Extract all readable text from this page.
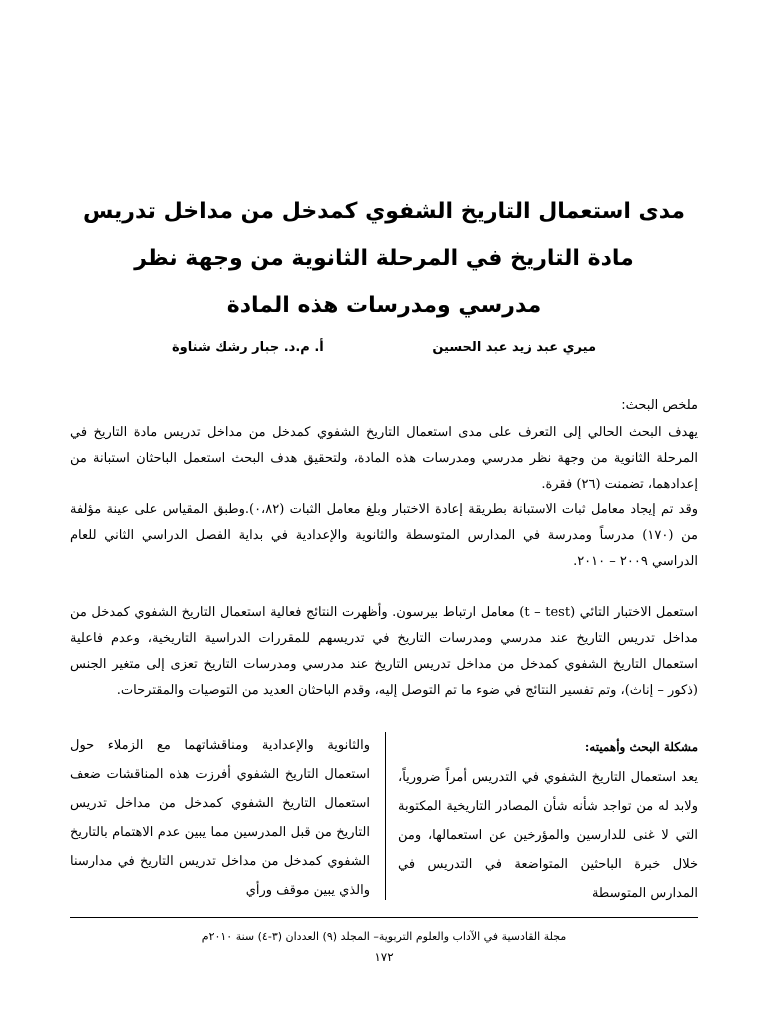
مدى استعمال التاريخ الشفوي كمدخل من مداخل تدريس
مادة التاريخ في المرحلة الثانوية من وجهة نظر
مدرسي ومدرسات هذه المادة
ميري عبد زيد عبد الحسين
أ. م.د. جبار رشك شناوة
ملخص البحث:
يهدف البحث الحالي إلى التعرف على مدى استعمال التاريخ الشفوي كمدخل من مداخل تدريس مادة التاريخ في المرحلة الثانوية من وجهة نظر مدرسي ومدرسات هذه المادة، ولتحقيق هدف البحث استعمل الباحثان استبانة من إعدادهما، تضمنت (٢٦) فقرة.
وقد تم إيجاد معامل ثبات الاستبانة بطريقة إعادة الاختبار وبلغ معامل الثبات (٠،٨٢).وطبق المقياس على عينة مؤلفة من (١٧٠) مدرساً ومدرسة في المدارس المتوسطة والثانوية والإعدادية في بداية الفصل الدراسي الثاني للعام الدراسي ٢٠٠٩ – ٢٠١٠.
استعمل الاختبار التائي (t – test) معامل ارتباط بيرسون. وأظهرت النتائج فعالية استعمال التاريخ الشفوي كمدخل من مداخل تدريس التاريخ عند مدرسي ومدرسات التاريخ في تدريسهم للمقررات الدراسية التاريخية، وعدم فاعلية استعمال التاريخ الشفوي كمدخل من مداخل تدريس التاريخ عند مدرسي ومدرسات التاريخ تعزى إلى متغير الجنس (ذكور – إناث)، وتم تفسير النتائج في ضوء ما تم التوصل إليه، وقدم الباحثان العديد من التوصيات والمقترحات.
مشكلة البحث وأهميته:
يعد استعمال التاريخ الشفوي في التدريس أمراً ضرورياً، ولابد له من تواجد شأنه شأن المصادر التاريخية المكتوبة التي لا غنى للدارسين والمؤرخين عن استعمالها، ومن خلال خبرة الباحثين المتواضعة في التدريس في المدارس المتوسطة
والثانوية والإعدادية ومناقشاتهما مع الزملاء حول استعمال التاريخ الشفوي أفرزت هذه المناقشات ضعف استعمال التاريخ الشفوي كمدخل من مداخل تدريس التاريخ من قبل المدرسين مما يبين عدم الاهتمام بالتاريخ الشفوي كمدخل من مداخل تدريس التاريخ في مدارسنا والذي يبين موقف ورأي
مجلة القادسية في الآداب والعلوم التربوية– المجلد (٩) العددان (٣-٤) سنة ٢٠١٠م
١٧٢
